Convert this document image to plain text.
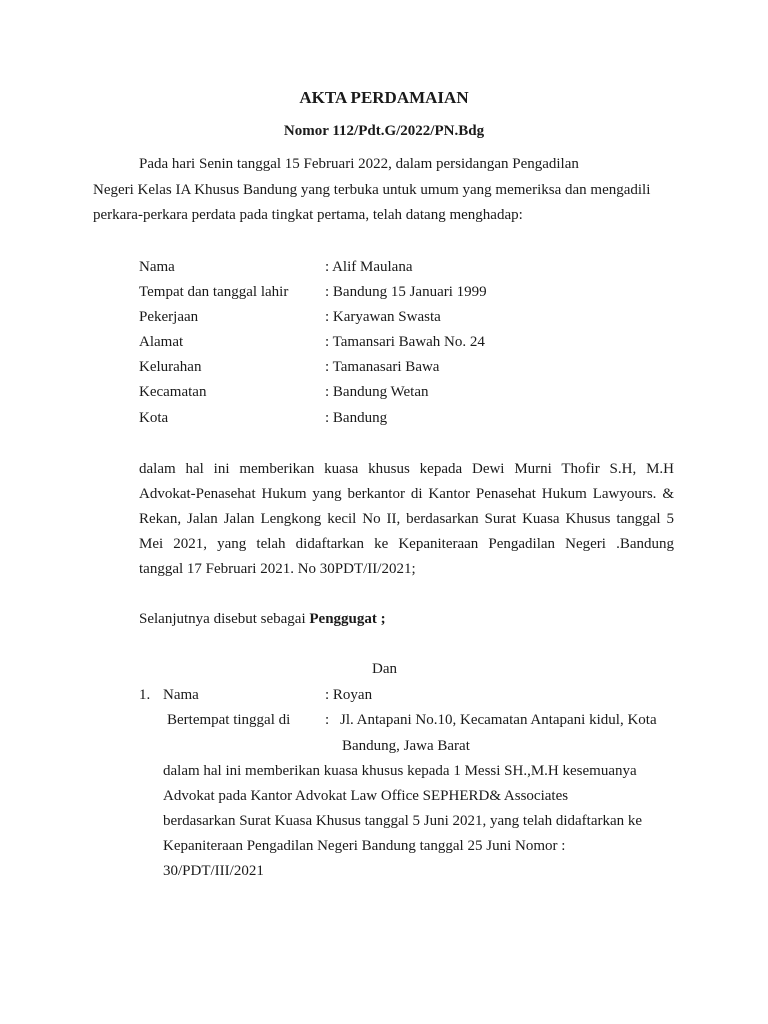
AKTA PERDAMAIAN
Nomor 112/Pdt.G/2022/PN.Bdg
Pada hari Senin tanggal 15 Februari 2022, dalam persidangan Pengadilan
Negeri Kelas IA Khusus Bandung yang terbuka untuk umum yang memeriksa dan mengadili
perkara-perkara perdata pada tingkat pertama, telah datang menghadap:
Nama	: Alif Maulana
Tempat dan tanggal lahir : Bandung 15 Januari 1999
Pekerjaan	: Karyawan Swasta
Alamat	: Tamansari Bawah No. 24
Kelurahan	: Tamanasari Bawa
Kecamatan	: Bandung Wetan
Kota	: Bandung
dalam hal ini memberikan kuasa khusus kepada Dewi Murni Thofir S.H, M.H
Advokat-Penasehat Hukum yang berkantor di Kantor Penasehat Hukum Lawyours. &
Rekan, Jalan Jalan Lengkong kecil No II, berdasarkan Surat Kuasa Khusus tanggal 5
Mei 2021, yang telah didaftarkan ke Kepaniteraan Pengadilan Negeri .Bandung
tanggal 17 Februari 2021. No 30PDT/II/2021;
Selanjutnya disebut sebagai Penggugat ;
Dan
1. Nama	: Royan
Bertempat tinggal di : Jl. Antapani No.10, Kecamatan Antapani kidul, Kota
Bandung, Jawa Barat
dalam hal ini memberikan kuasa khusus kepada 1 Messi SH.,M.H kesemuanya
Advokat pada Kantor Advokat Law Office SEPHERD& Associates
berdasarkan Surat Kuasa Khusus tanggal 5 Juni 2021, yang telah didaftarkan ke
Kepaniteraan Pengadilan Negeri Bandung tanggal 25 Juni Nomor :
30/PDT/III/2021
